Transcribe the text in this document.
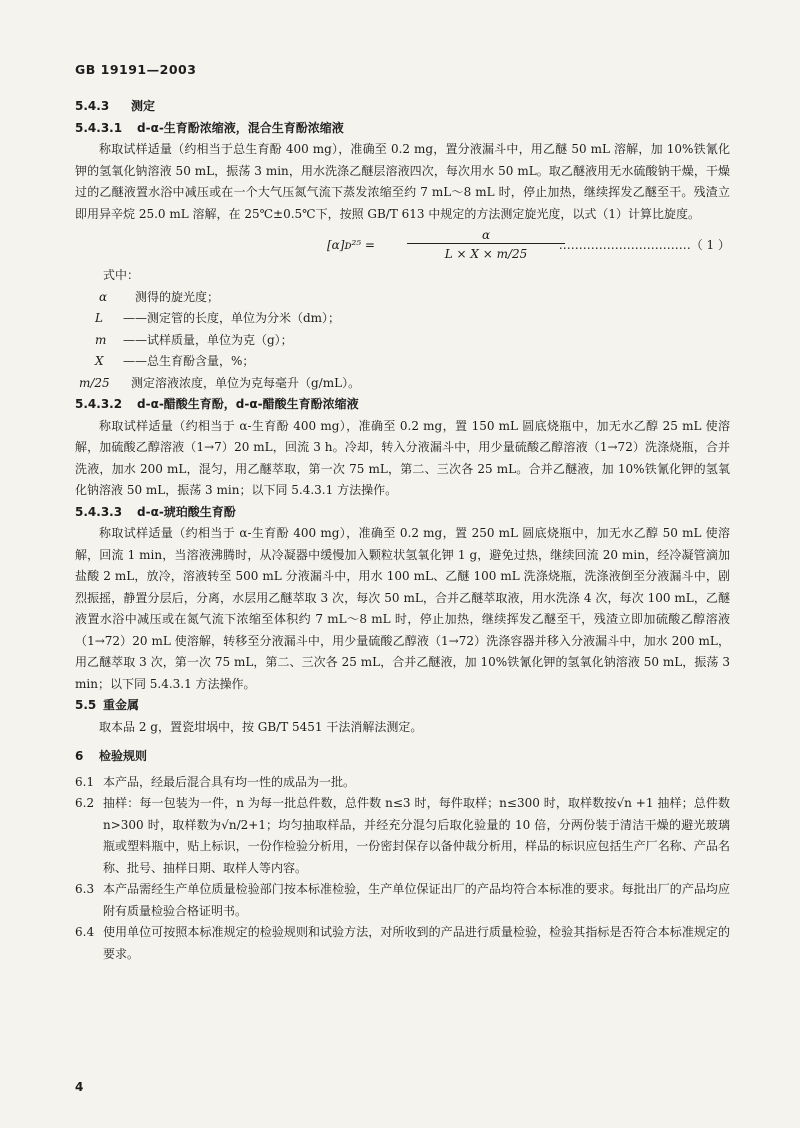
GB 19191—2003
5.4.3 测定
5.4.3.1 d-α-生育酚浓缩液，混合生育酚浓缩液

称取试样适量（约相当于总生育酚 400 mg），准确至 0.2 mg，置分液漏斗中，用乙醚 50 mL 溶解，加 10%铁氰化钾的氢氧化钠溶液 50 mL，振荡 3 min，用水洗涤乙醚层溶液四次，每次用水 50 mL。取乙醚液用无水硫酸钠干燥，干燥过的乙醚液置水浴中减压或在一个大气压氮气流下蒸发浓缩至约 7 mL～8 mL 时，停止加热，继续挥发乙醚至干。残渣立即用异辛烷 25.0 mL 溶解，在 25℃±0.5℃下，按照 GB/T 613 中规定的方法测定旋光度，以式（1）计算比旋度。

[α]ᴅ²⁵ =
α
L × X × m/25
……………………………（ 1 ）

式中：

α	测得的旋光度；
L	——测定管的长度，单位为分米（dm）；
m	——试样质量，单位为克（g）；
X	——总生育酚含量，%；
m/25	测定溶液浓度，单位为克每毫升（g/mL）。
5.4.3.2 d-α-醋酸生育酚，d-α-醋酸生育酚浓缩液

称取试样适量（约相当于 α-生育酚 400 mg），准确至 0.2 mg，置 150 mL 圆底烧瓶中，加无水乙醇 25 mL 使溶解，加硫酸乙醇溶液（1→7）20 mL，回流 3 h。冷却，转入分液漏斗中，用少量硫酸乙醇溶液（1→72）洗涤烧瓶，合并洗液，加水 200 mL，混匀，用乙醚萃取，第一次 75 mL，第二、三次各 25 mL。合并乙醚液，加 10%铁氰化钾的氢氧化钠溶液 50 mL，振荡 3 min；以下同 5.4.3.1 方法操作。

5.4.3.3 d-α-琥珀酸生育酚

称取试样适量（约相当于 α-生育酚 400 mg），准确至 0.2 mg，置 250 mL 圆底烧瓶中，加无水乙醇 50 mL 使溶解，回流 1 min，当溶液沸腾时，从冷凝器中缓慢加入颗粒状氢氧化钾 1 g，避免过热，继续回流 20 min，经冷凝管滴加盐酸 2 mL，放冷，溶液转至 500 mL 分液漏斗中，用水 100 mL、乙醚 100 mL 洗涤烧瓶，洗涤液倒至分液漏斗中，剧烈振摇，静置分层后，分离，水层用乙醚萃取 3 次，每次 50 mL，合并乙醚萃取液，用水洗涤 4 次，每次 100 mL，乙醚液置水浴中减压或在氮气流下浓缩至体积约 7 mL～8 mL 时，停止加热，继续挥发乙醚至干，残渣立即加硫酸乙醇溶液（1→72）20 mL 使溶解，转移至分液漏斗中，用少量硫酸乙醇液（1→72）洗涤容器并移入分液漏斗中，加水 200 mL，用乙醚萃取 3 次，第一次 75 mL，第二、三次各 25 mL，合并乙醚液，加 10%铁氰化钾的氢氧化钠溶液 50 mL，振荡 3 min；以下同 5.4.3.1 方法操作。

5.5 重金属

取本品 2 g，置瓷坩埚中，按 GB/T 5451 干法消解法测定。

6 检验规则
6.1 本产品，经最后混合具有均一性的成品为一批。
6.2 抽样：每一包装为一件，n 为每一批总件数，总件数 n≤3 时，每件取样；n≤300 时，取样数按√n +1 抽样；总件数 n>300 时，取样数为√n/2+1；均匀抽取样品，并经充分混匀后取化验量的 10 倍，分两份装于清洁干燥的避光玻璃瓶或塑料瓶中，贴上标识，一份作检验分析用，一份密封保存以备仲裁分析用，样品的标识应包括生产厂名称、产品名称、批号、抽样日期、取样人等内容。
6.3 本产品需经生产单位质量检验部门按本标准检验，生产单位保证出厂的产品均符合本标准的要求。每批出厂的产品均应附有质量检验合格证明书。
6.4 使用单位可按照本标准规定的检验规则和试验方法，对所收到的产品进行质量检验，检验其指标是否符合本标准规定的要求。
4
